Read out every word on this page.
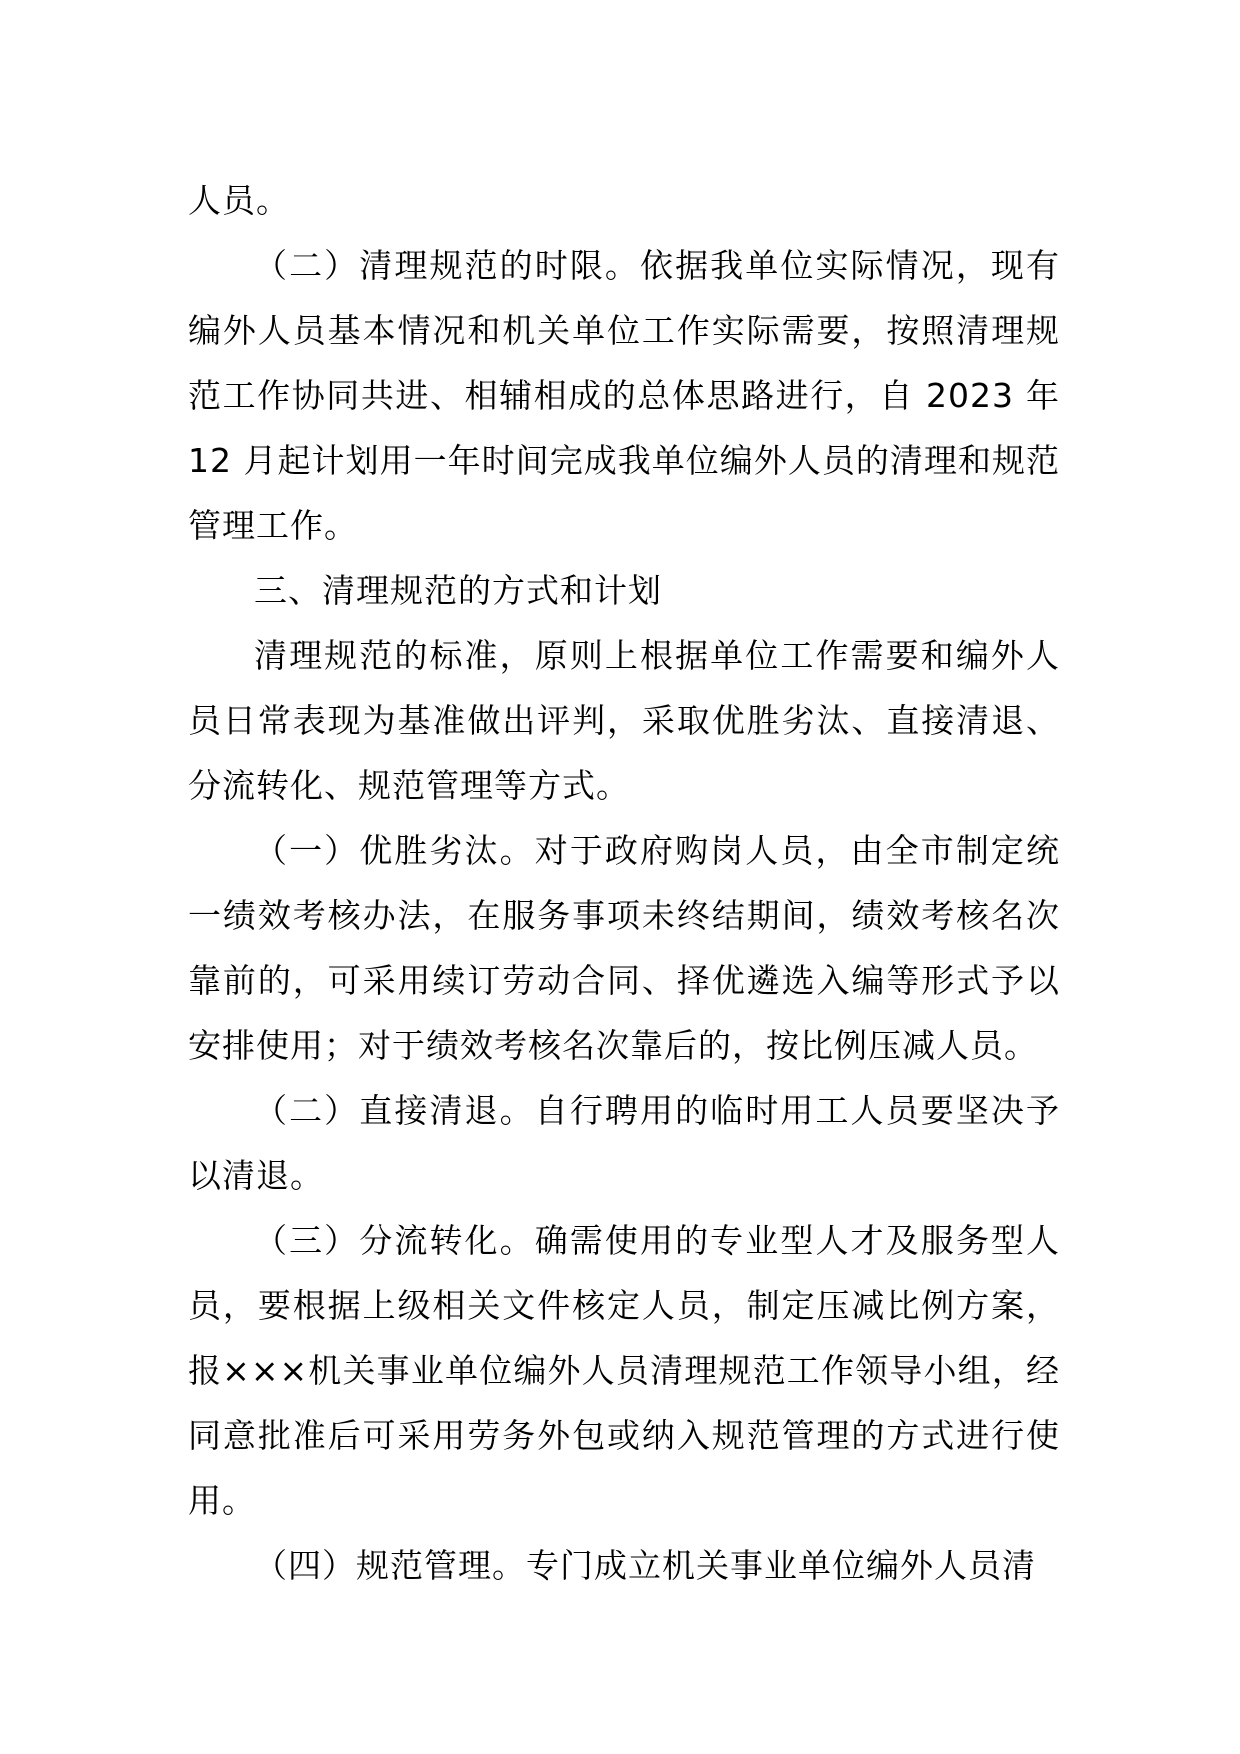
人员。

（二）清理规范的时限。依据我单位实际情况，现有
编外人员基本情况和机关单位工作实际需要，按照清理规
范工作协同共进、相辅相成的总体思路进行，自 2023 年
12 月起计划用一年时间完成我单位编外人员的清理和规范
管理工作。

三、清理规范的方式和计划

清理规范的标准，原则上根据单位工作需要和编外人
员日常表现为基准做出评判，采取优胜劣汰、直接清退、
分流转化、规范管理等方式。

（一）优胜劣汰。对于政府购岗人员，由全市制定统
一绩效考核办法，在服务事项未终结期间，绩效考核名次
靠前的，可采用续订劳动合同、择优遴选入编等形式予以
安排使用；对于绩效考核名次靠后的，按比例压减人员。

（二）直接清退。自行聘用的临时用工人员要坚决予
以清退。

（三）分流转化。确需使用的专业型人才及服务型人
员，要根据上级相关文件核定人员，制定压减比例方案，
报×××机关事业单位编外人员清理规范工作领导小组，经
同意批准后可采用劳务外包或纳入规范管理的方式进行使
用。

（四）规范管理。专门成立机关事业单位编外人员清
